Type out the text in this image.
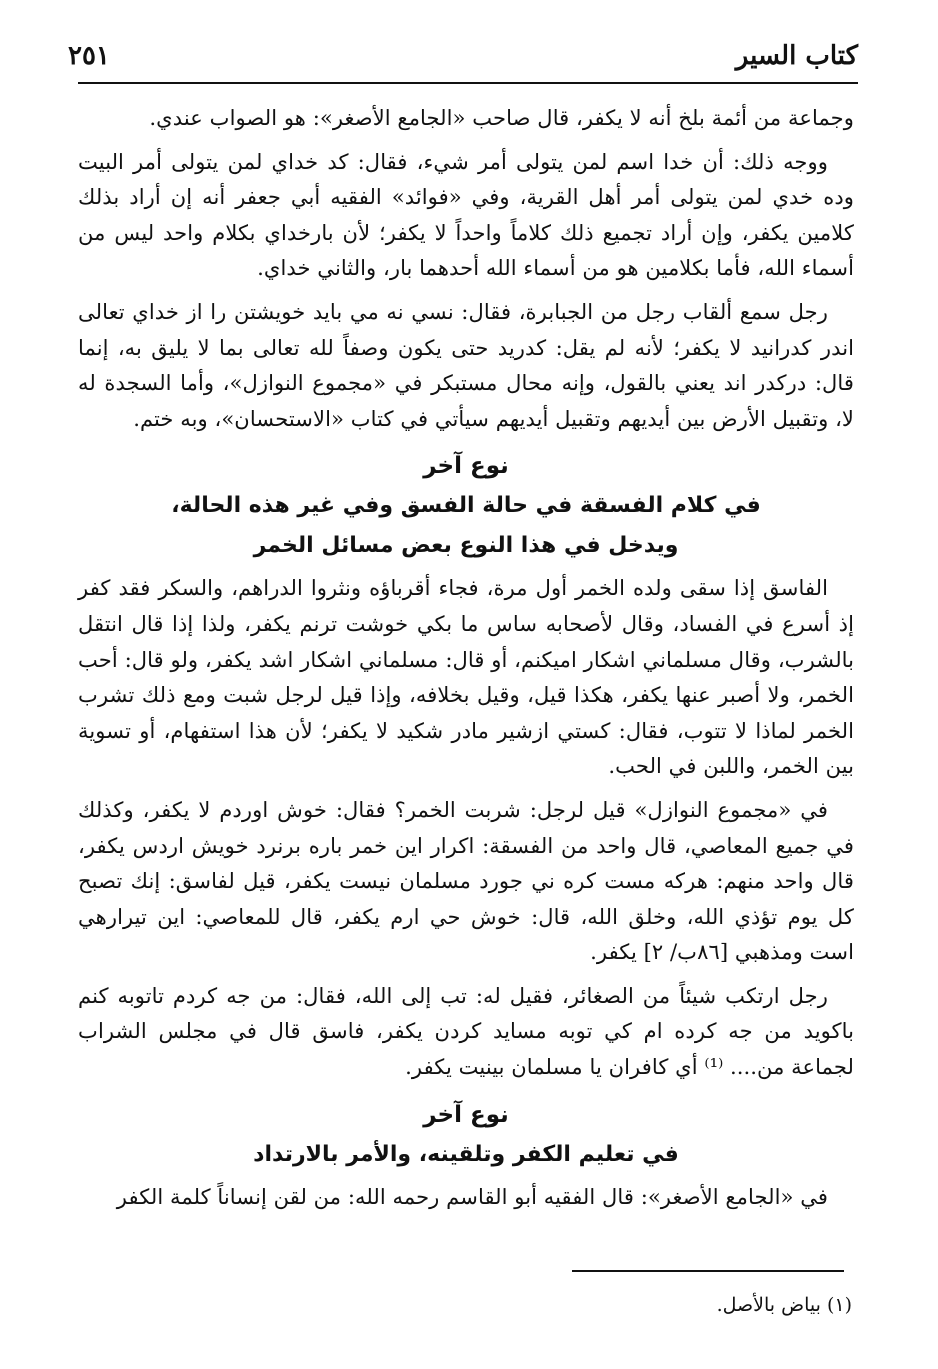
كتاب السير
٢٥١

وجماعة من أئمة بلخ أنه لا يكفر، قال صاحب «الجامع الأصغر»: هو الصواب عندي.

ووجه ذلك: أن خدا اسم لمن يتولى أمر شيء، فقال: كد خداي لمن يتولى أمر البيت وده خدي لمن يتولى أمر أهل القرية، وفي «فوائد» الفقيه أبي جعفر أنه إن أراد بذلك كلامين يكفر، وإن أراد تجميع ذلك كلاماً واحداً لا يكفر؛ لأن بارخداي بكلام واحد ليس من أسماء الله، فأما بكلامين هو من أسماء الله أحدهما بار، والثاني خداي.

رجل سمع ألقاب رجل من الجبابرة، فقال: نسي نه مي بايد خويشتن را از خداي تعالى اندر كدرانيد لا يكفر؛ لأنه لم يقل: كدريد حتى يكون وصفاً لله تعالى بما لا يليق به، إنما قال: دركدر اند يعني بالقول، وإنه محال مستبكر في «مجموع النوازل»، وأما السجدة له لا، وتقبيل الأرض بين أيديهم وتقبيل أيديهم سيأتي في كتاب «الاستحسان»، وبه ختم.

نوع آخر
في كلام الفسقة في حالة الفسق وفي غير هذه الحالة،
ويدخل في هذا النوع بعض مسائل الخمر

الفاسق إذا سقى ولده الخمر أول مرة، فجاء أقرباؤه ونثروا الدراهم، والسكر فقد كفر إذ أسرع في الفساد، وقال لأصحابه ساس ما بكي خوشت ترنم يكفر، ولذا إذا قال انتقل بالشرب، وقال مسلماني اشكار اميكنم، أو قال: مسلماني اشكار اشد يكفر، ولو قال: أحب الخمر، ولا أصبر عنها يكفر، هكذا قيل، وقيل بخلافه، وإذا قيل لرجل شبت ومع ذلك تشرب الخمر لماذا لا تتوب، فقال: كستي ازشير مادر شكيد لا يكفر؛ لأن هذا استفهام، أو تسوية بين الخمر، واللبن في الحب.

في «مجموع النوازل» قيل لرجل: شربت الخمر؟ فقال: خوش اوردم لا يكفر، وكذلك في جميع المعاصي، قال واحد من الفسقة: اكرار اين خمر باره برنرد خويش اردس يكفر، قال واحد منهم: هركه مست كره ني جورد مسلمان نيست يكفر، قيل لفاسق: إنك تصبح كل يوم تؤذي الله، وخلق الله، قال: خوش حي ارم يكفر، قال للمعاصي: اين تيرارهي است ومذهبي [٨٦ب/ ٢] يكفر.

رجل ارتكب شيئاً من الصغائر، فقيل له: تب إلى الله، فقال: من جه كردم تاتوبه كنم باكويد من جه كرده ام كي توبه مسايد كردن يكفر، فاسق قال في مجلس الشراب لجماعة من.... ⁽¹⁾ أي كافران يا مسلمان بينيت يكفر.

نوع آخر
في تعليم الكفر وتلقينه، والأمر بالارتداد

في «الجامع الأصغر»: قال الفقيه أبو القاسم رحمه الله: من لقن إنساناً كلمة الكفر

(١) بياض بالأصل.
